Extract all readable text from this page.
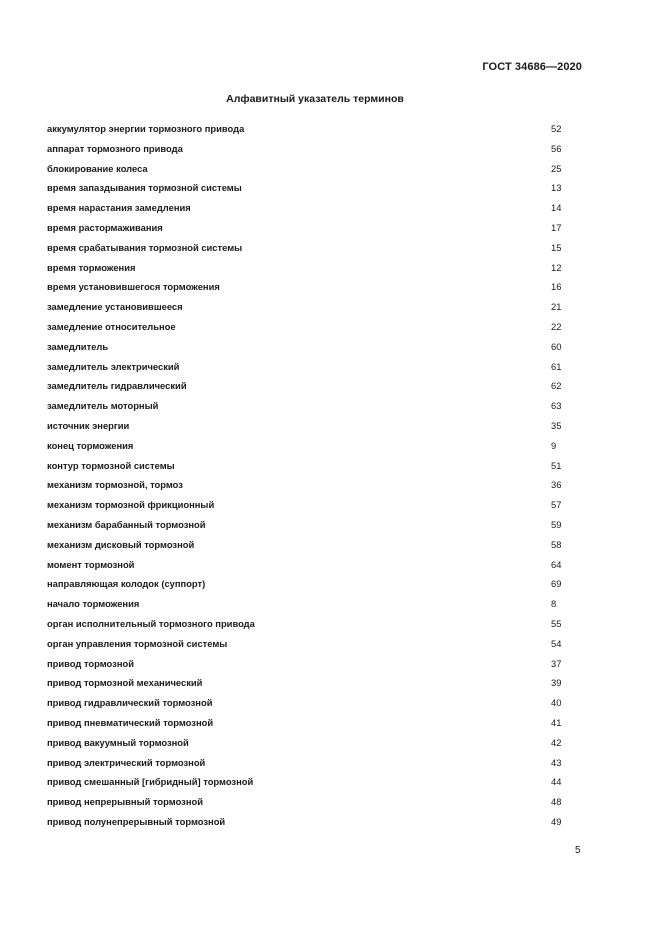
ГОСТ 34686—2020
Алфавитный указатель терминов
аккумулятор энергии тормозного привода	52
аппарат тормозного привода	56
блокирование колеса	25
время запаздывания тормозной системы	13
время нарастания замедления	14
время растормаживания	17
время срабатывания тормозной системы	15
время торможения	12
время установившегося торможения	16
замедление установившееся	21
замедление относительное	22
замедлитель	60
замедлитель электрический	61
замедлитель гидравлический	62
замедлитель моторный	63
источник энергии	35
конец торможения	9
контур тормозной системы	51
механизм тормозной, тормоз	36
механизм тормозной фрикционный	57
механизм барабанный тормозной	59
механизм дисковый тормозной	58
момент тормозной	64
направляющая колодок (суппорт)	69
начало торможения	8
орган исполнительный тормозного привода	55
орган управления тормозной системы	54
привод тормозной	37
привод тормозной механический	39
привод гидравлический тормозной	40
привод пневматический тормозной	41
привод вакуумный тормозной	42
привод электрический тормозной	43
привод смешанный [гибридный] тормозной	44
привод непрерывный тормозной	48
привод полунепрерывный тормозной	49
5
